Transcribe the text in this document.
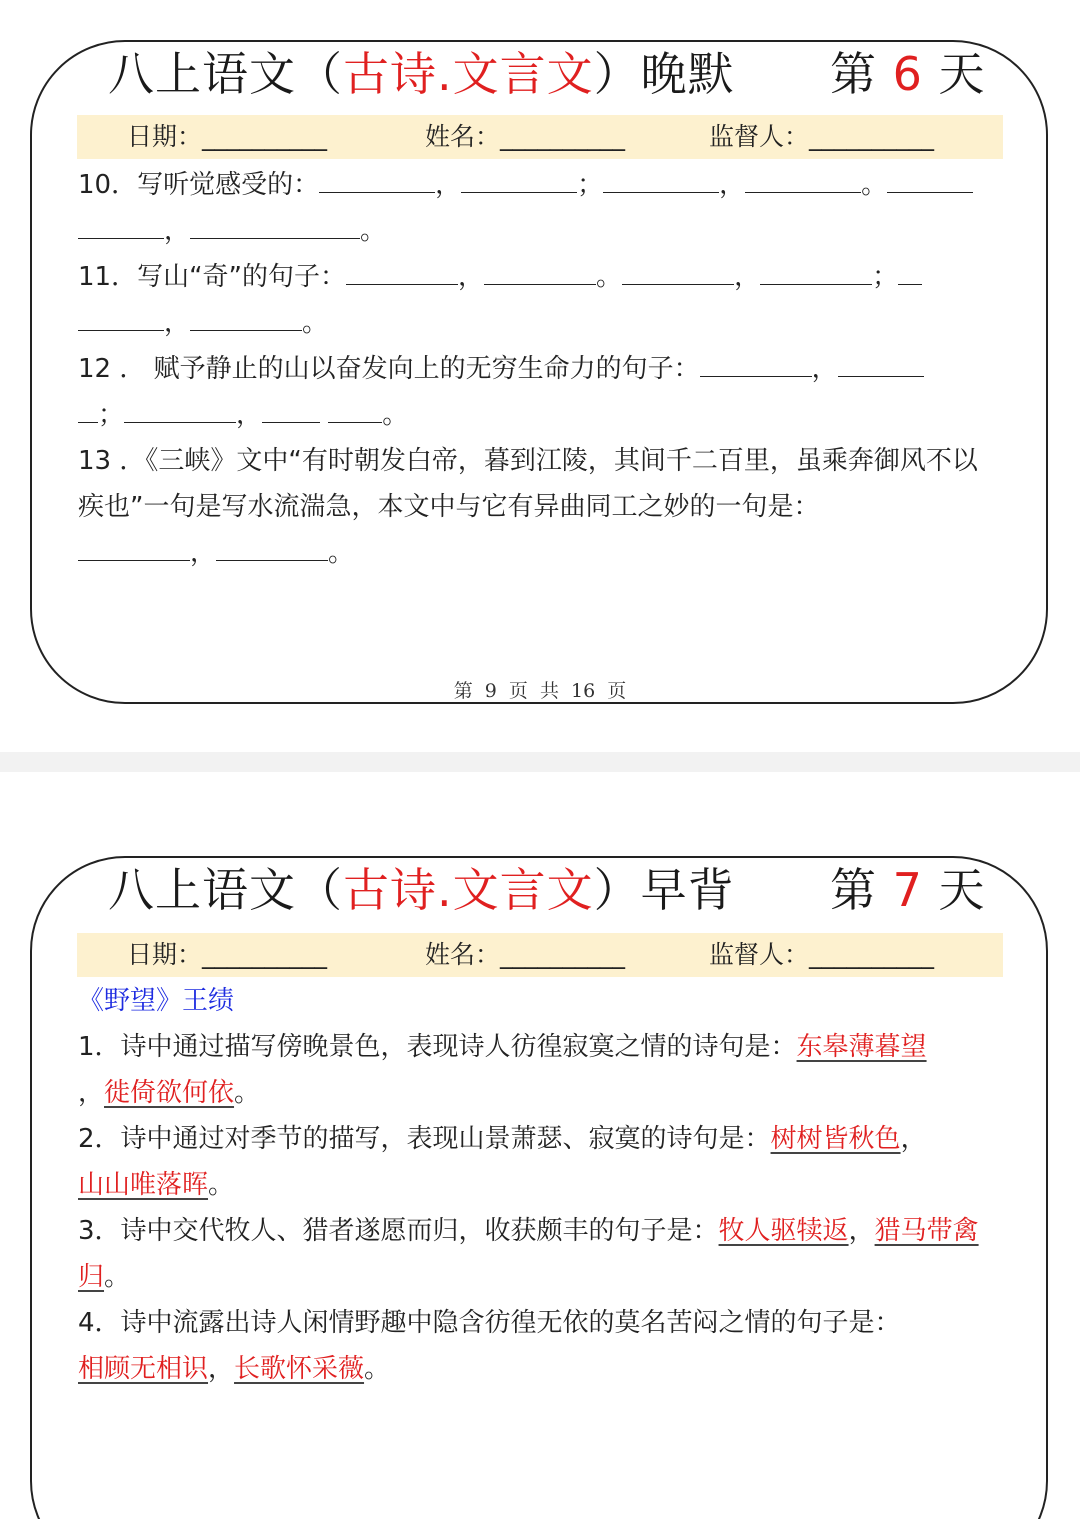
八上语文（古诗.文言文）晚默 第 6 天
日期：__________	姓名：__________	监督人：__________

10．写听觉感受的：	，	；	，	。
，	。

11．写山“奇”的句子：	，	。	，	；
，	。

12 ． 赋予静止的山以奋发向上的无穷生命力的句子：	，
；	，	。

13 ．《三峡》文中“有时朝发白帝，暮到江陵，其间千二百里，虽乘奔御风不以疾也”一句是写水流湍急，本文中与它有异曲同工之妙的一句是：
，	。

第 9 页 共 16 页
八上语文（古诗.文言文）早背 第 7 天
日期：__________	姓名：__________	监督人：__________

《野望》王绩

1．诗中通过描写傍晚景色，表现诗人彷徨寂寞之情的诗句是：东皋薄暮望
，徙倚欲何依。

2．诗中通过对季节的描写，表现山景萧瑟、寂寞的诗句是：树树皆秋色，
山山唯落晖。

3．诗中交代牧人、猎者遂愿而归，收获颇丰的句子是：牧人驱犊返，猎马带禽归。

4．诗中流露出诗人闲情野趣中隐含彷徨无依的莫名苦闷之情的句子是：
相顾无相识，长歌怀采薇。
